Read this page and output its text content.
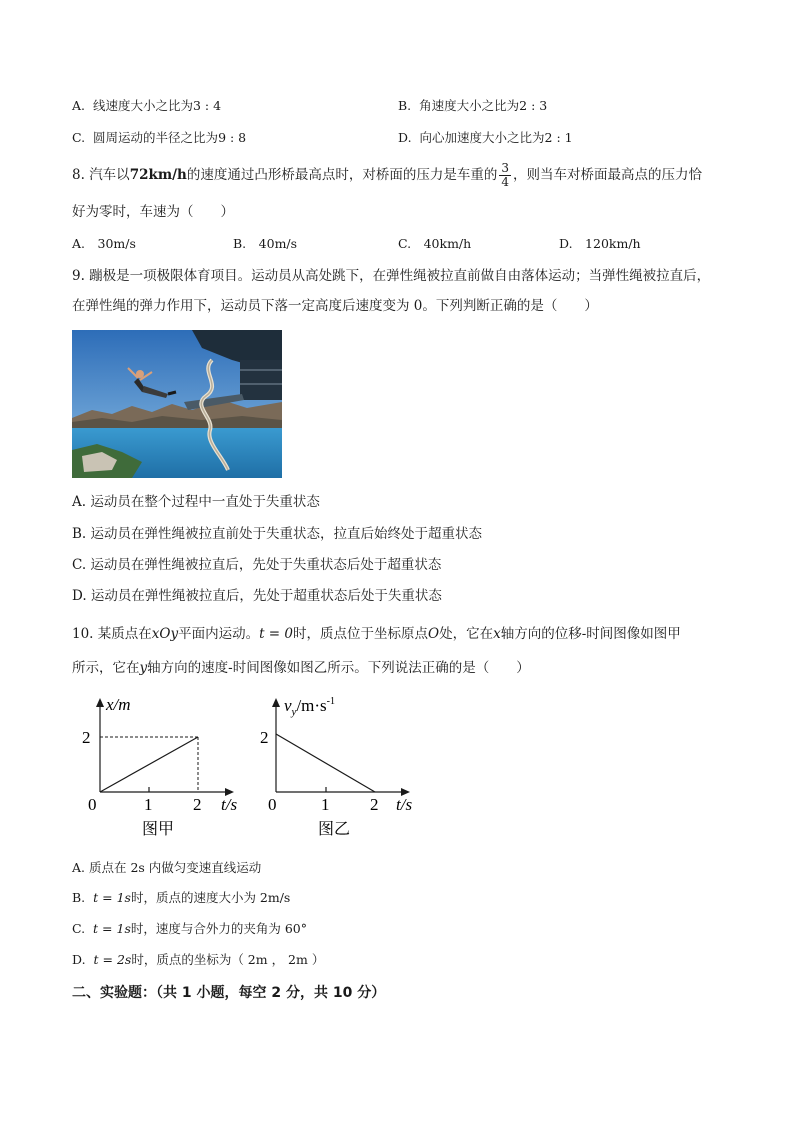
A. 线速度大小之比为3 : 4	B. 角速度大小之比为2 : 3
C. 圆周运动的半径之比为9 : 8	D. 向心加速度大小之比为2 : 1
8. 汽车以72km/h的速度通过凸形桥最高点时，对桥面的压力是车重的 $\frac{3}{4}$ ，则当车对桥面最高点的压力恰
好为零时，车速为（　　）
A.　30m/s	B.　40m/s	C.　40km/h	D.　120km/h
9. 蹦极是一项极限体育项目。运动员从高处跳下，在弹性绳被拉直前做自由落体运动；当弹性绳被拉直后，
在弹性绳的弹力作用下，运动员下落一定高度后速度变为 0。下列判断正确的是（　　）
A. 运动员在整个过程中一直处于失重状态
B. 运动员在弹性绳被拉直前处于失重状态，拉直后始终处于超重状态
C. 运动员在弹性绳被拉直后，先处于失重状态后处于超重状态
D. 运动员在弹性绳被拉直后，先处于超重状态后处于失重状态
10. 某质点在xOy平面内运动。t = 0时，质点位于坐标原点O处，它在x轴方向的位移-时间图像如图甲
所示，它在y轴方向的速度-时间图像如图乙所示。下列说法正确的是（　　）
x/m
2
0	1 2 t/s
图甲
$v_y/m\cdot s^{-1}$
2
0	1 2 t/s
图乙
A. 质点在 2s 内做匀变速直线运动
B. t = 1s时，质点的速度大小为 2m/s
C. t = 1s时，速度与合外力的夹角为 60°
D. t = 2s时，质点的坐标为（ 2m ， 2m ）
二、实验题：（共 1 小题，每空 2 分，共 10 分）
